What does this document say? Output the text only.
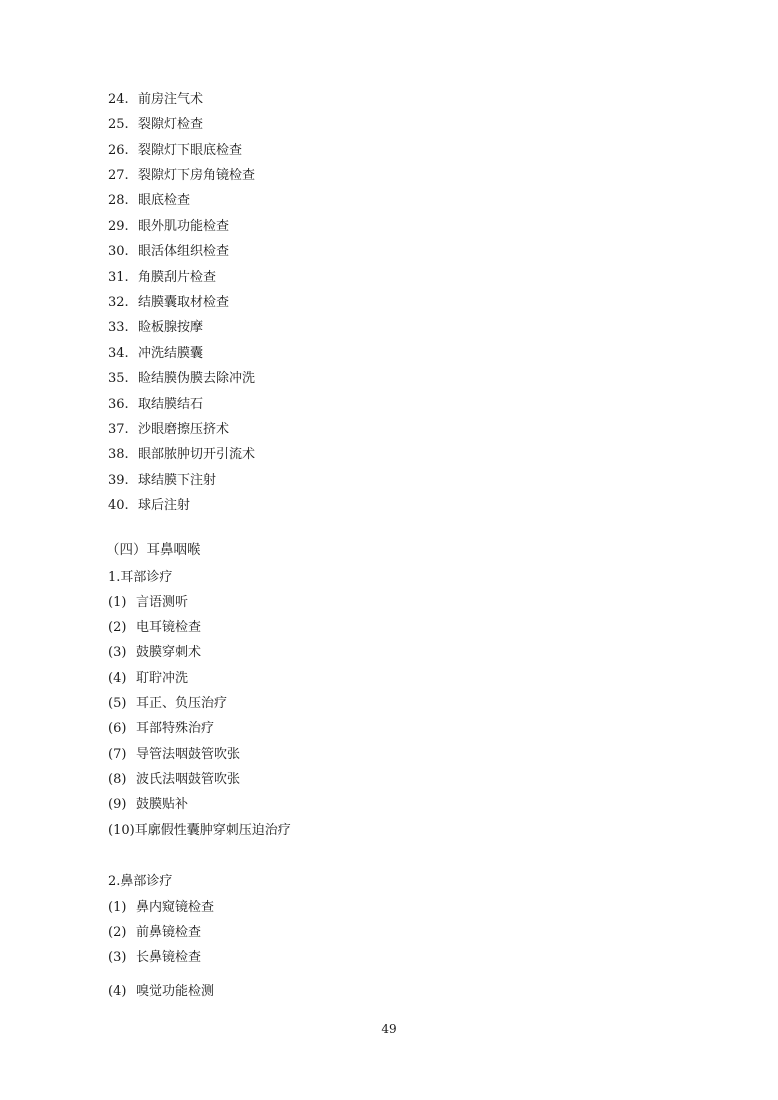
24. 前房注气术
25. 裂隙灯检查
26. 裂隙灯下眼底检查
27. 裂隙灯下房角镜检查
28. 眼底检查
29. 眼外肌功能检查
30. 眼活体组织检查
31. 角膜刮片检查
32. 结膜囊取材检查
33. 睑板腺按摩
34. 冲洗结膜囊
35. 睑结膜伪膜去除冲洗
36. 取结膜结石
37. 沙眼磨擦压挤术
38. 眼部脓肿切开引流术
39. 球结膜下注射
40. 球后注射
（四）耳鼻咽喉
1.耳部诊疗
(1) 言语测听
(2) 电耳镜检查
(3) 鼓膜穿刺术
(4) 耵聍冲洗
(5) 耳正、负压治疗
(6) 耳部特殊治疗
(7) 导管法咽鼓管吹张
(8) 波氏法咽鼓管吹张
(9) 鼓膜贴补
(10)耳廓假性囊肿穿刺压迫治疗
2.鼻部诊疗
(1) 鼻内窥镜检查
(2) 前鼻镜检查
(3) 长鼻镜检查
(4) 嗅觉功能检测
49
